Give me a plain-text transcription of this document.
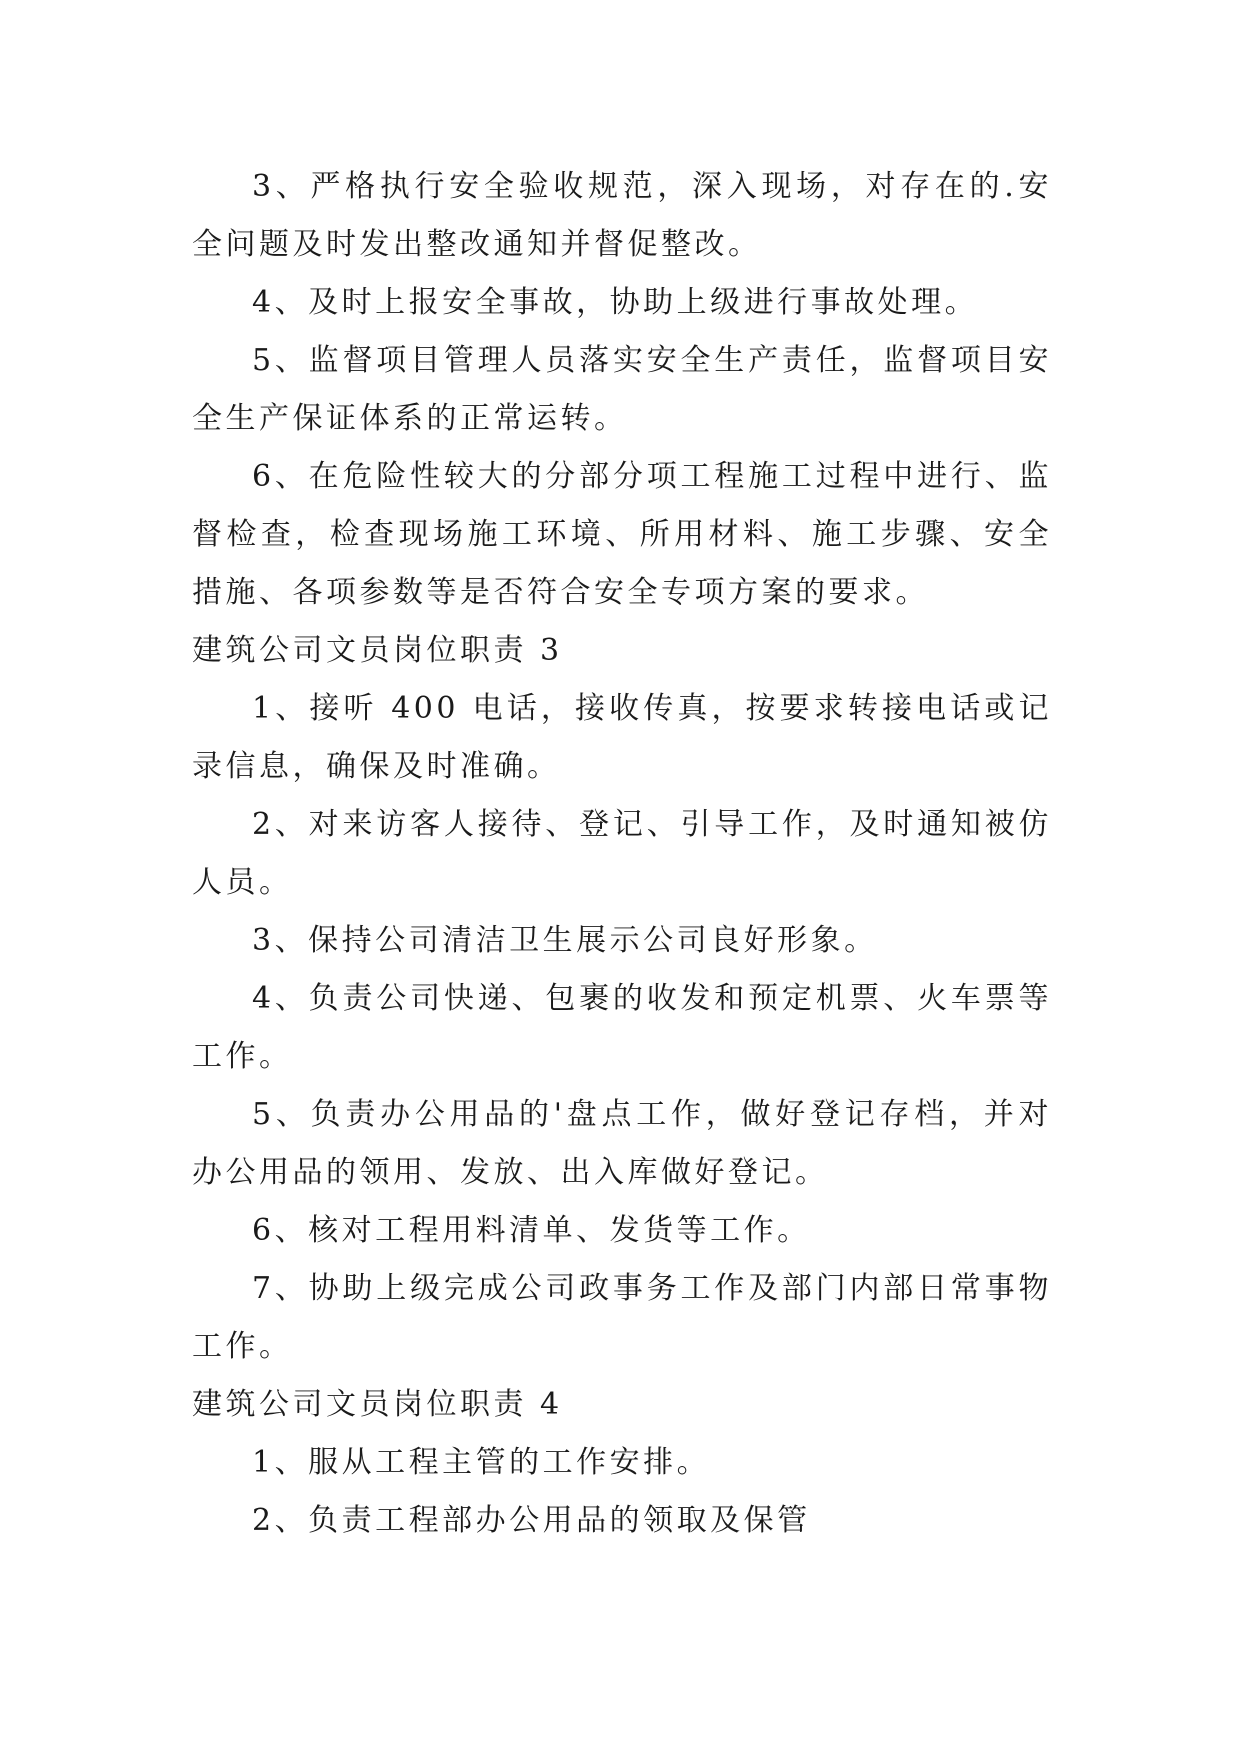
3、严格执行安全验收规范，深入现场，对存在的.安全问题及时发出整改通知并督促整改。

4、及时上报安全事故，协助上级进行事故处理。

5、监督项目管理人员落实安全生产责任，监督项目安全生产保证体系的正常运转。

6、在危险性较大的分部分项工程施工过程中进行、监督检查，检查现场施工环境、所用材料、施工步骤、安全措施、各项参数等是否符合安全专项方案的要求。

建筑公司文员岗位职责 3

1、接听 400 电话，接收传真，按要求转接电话或记录信息，确保及时准确。

2、对来访客人接待、登记、引导工作，及时通知被仿人员。

3、保持公司清洁卫生展示公司良好形象。

4、负责公司快递、包裹的收发和预定机票、火车票等工作。

5、负责办公用品的'盘点工作，做好登记存档，并对办公用品的领用、发放、出入库做好登记。

6、核对工程用料清单、发货等工作。

7、协助上级完成公司政事务工作及部门内部日常事物工作。

建筑公司文员岗位职责 4

1、服从工程主管的工作安排。

2、负责工程部办公用品的领取及保管
